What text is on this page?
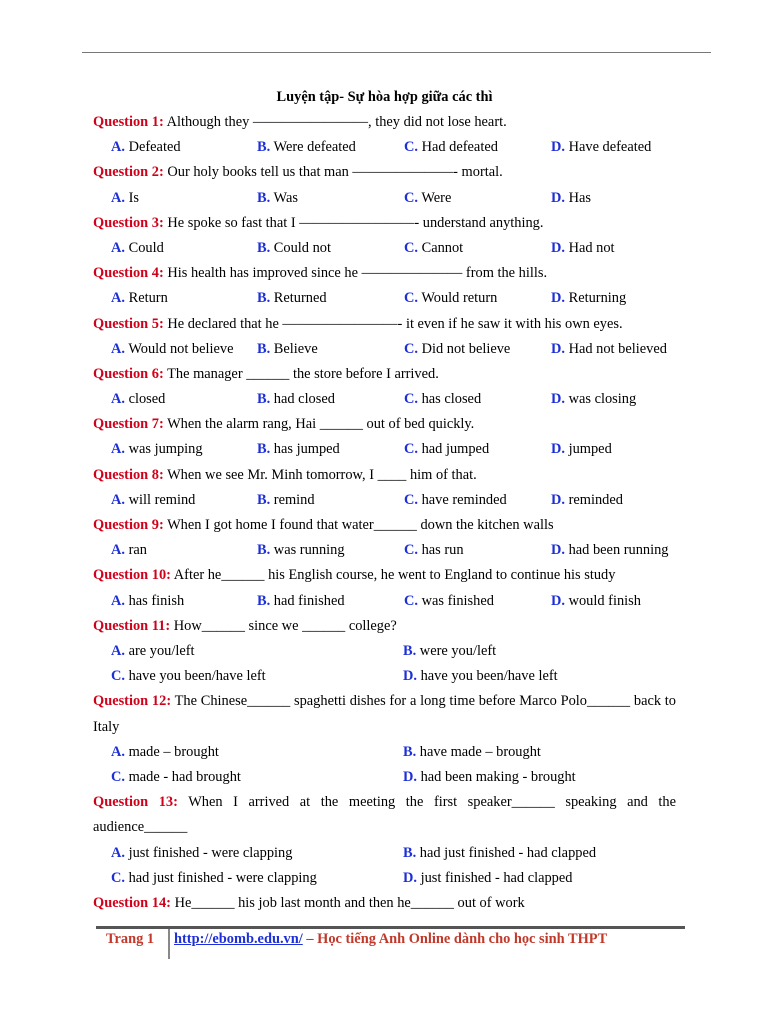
Luyện tập- Sự hòa hợp giữa các thì
Question 1: Although they ————————, they did not lose heart.
A. Defeated	B. Were defeated	C. Had defeated	D. Have defeated
Question 2: Our holy books tell us that man ———————- mortal.
A. Is	B. Was	C. Were	D. Has
Question 3: He spoke so fast that I ————————- understand anything.
A. Could	B. Could not	C. Cannot	D. Had not
Question 4: His health has improved since he ——————— from the hills.
A. Return	B. Returned	C. Would return	D. Returning
Question 5: He declared that he ————————- it even if he saw it with his own eyes.
A. Would not believe	B. Believe	C. Did not believe	D. Had not believed
Question 6: The manager ______ the store before I arrived.
A. closed	B. had closed	C. has closed	D. was closing
Question 7: When the alarm rang, Hai ______ out of bed quickly.
A. was jumping	B. has jumped	C. had jumped	D. jumped
Question 8: When we see Mr. Minh tomorrow, I ____ him of that.
A. will remind	B. remind	C. have reminded	D. reminded
Question 9: When I got home I found that water______ down the kitchen walls
A. ran	B. was running	C. has run	D. had been running
Question 10: After he______ his English course, he went to England to continue his study
A. has finish	B. had finished	C. was finished	D. would finish
Question 11: How______ since we ______ college?
A. are you/left	B. were you/left
C. have you been/have left	D. have you been/have left
Question 12: The Chinese______ spaghetti dishes for a long time before Marco Polo______ back to Italy
A. made – brought	B. have made – brought
C. made - had brought	D. had been making - brought
Question 13: When I arrived at the meeting the first speaker______ speaking and the audience______
A. just finished - were clapping	B. had just finished - had clapped
C. had just finished - were clapping	D. just finished - had clapped
Question 14: He______ his job last month and then he______ out of work
Trang 1 http://ebomb.edu.vn/ – Học tiếng Anh Online dành cho học sinh THPT
